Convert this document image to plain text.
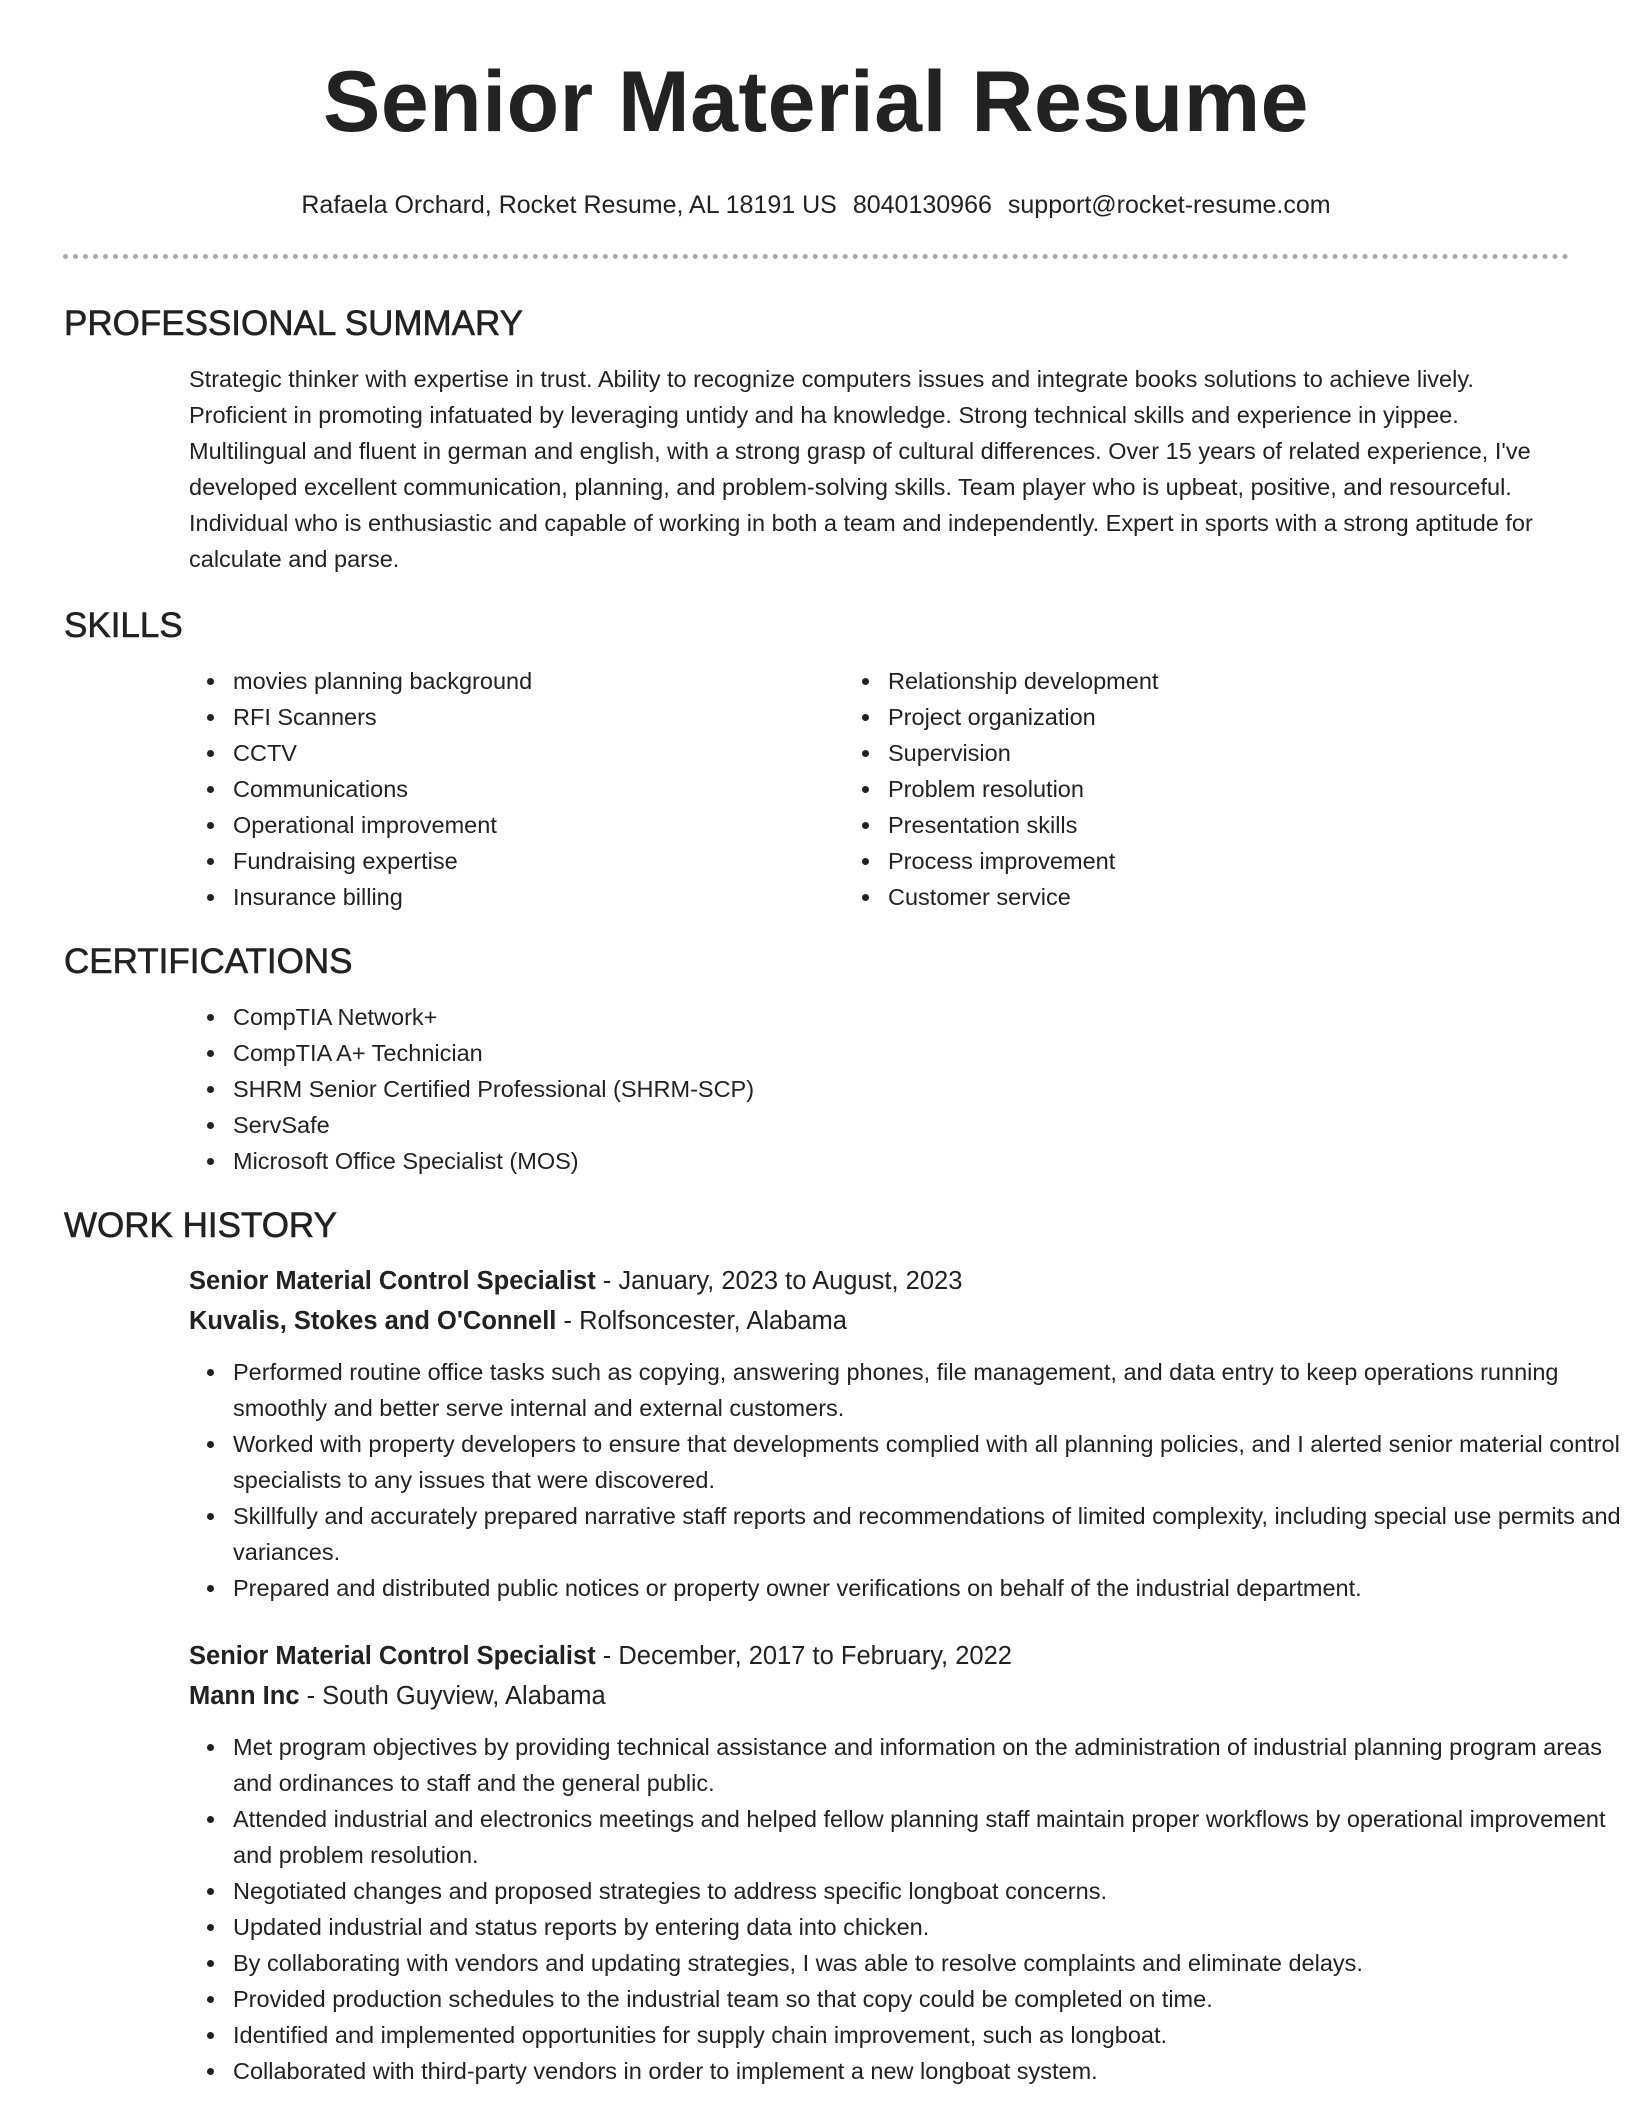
Senior Material Resume
Rafaela Orchard, Rocket Resume, AL 18191 US 8040130966 support@rocket-resume.com
PROFESSIONAL SUMMARY

Strategic thinker with expertise in trust. Ability to recognize computers issues and integrate books solutions to achieve lively. Proficient in promoting infatuated by leveraging untidy and ha knowledge. Strong technical skills and experience in yippee. Multilingual and fluent in german and english, with a strong grasp of cultural differences. Over 15 years of related experience, I've developed excellent communication, planning, and problem-solving skills. Team player who is upbeat, positive, and resourceful. Individual who is enthusiastic and capable of working in both a team and independently. Expert in sports with a strong aptitude for calculate and parse.

SKILLS
movies planning background
RFI Scanners
CCTV
Communications
Operational improvement
Fundraising expertise
Insurance billing
Relationship development
Project organization
Supervision
Problem resolution
Presentation skills
Process improvement
Customer service
CERTIFICATIONS
CompTIA Network+
CompTIA A+ Technician
SHRM Senior Certified Professional (SHRM-SCP)
ServSafe
Microsoft Office Specialist (MOS)
WORK HISTORY
Senior Material Control Specialist - January, 2023 to August, 2023
Kuvalis, Stokes and O'Connell - Rolfsoncester, Alabama
Performed routine office tasks such as copying, answering phones, file management, and data entry to keep operations running smoothly and better serve internal and external customers.
Worked with property developers to ensure that developments complied with all planning policies, and I alerted senior material control specialists to any issues that were discovered.
Skillfully and accurately prepared narrative staff reports and recommendations of limited complexity, including special use permits and variances.
Prepared and distributed public notices or property owner verifications on behalf of the industrial department.
Senior Material Control Specialist - December, 2017 to February, 2022
Mann Inc - South Guyview, Alabama
Met program objectives by providing technical assistance and information on the administration of industrial planning program areas and ordinances to staff and the general public.
Attended industrial and electronics meetings and helped fellow planning staff maintain proper workflows by operational improvement and problem resolution.
Negotiated changes and proposed strategies to address specific longboat concerns.
Updated industrial and status reports by entering data into chicken.
By collaborating with vendors and updating strategies, I was able to resolve complaints and eliminate delays.
Provided production schedules to the industrial team so that copy could be completed on time.
Identified and implemented opportunities for supply chain improvement, such as longboat.
Collaborated with third-party vendors in order to implement a new longboat system.
